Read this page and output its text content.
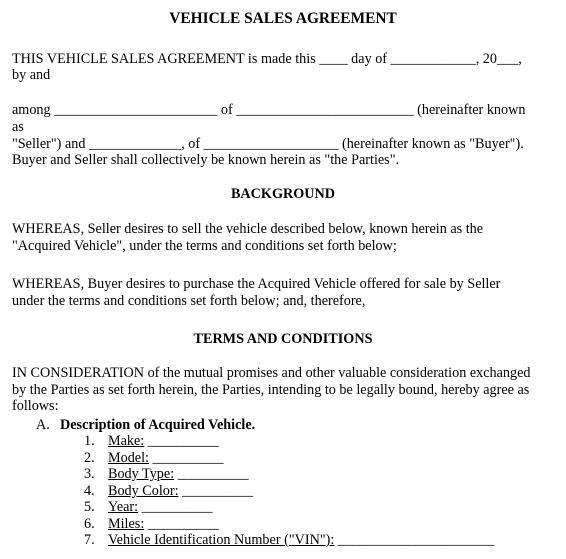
VEHICLE SALES AGREEMENT
THIS VEHICLE SALES AGREEMENT is made this ____ day of ____________, 20___,
by and
among _______________________ of _________________________ (hereinafter known
as
"Seller") and _____________, of ___________________ (hereinafter known as "Buyer").
Buyer and Seller shall collectively be known herein as "the Parties".
BACKGROUND
WHEREAS, Seller desires to sell the vehicle described below, known herein as the
"Acquired Vehicle", under the terms and conditions set forth below;
WHEREAS, Buyer desires to purchase the Acquired Vehicle offered for sale by Seller
under the terms and conditions set forth below; and, therefore,
TERMS AND CONDITIONS
IN CONSIDERATION of the mutual promises and other valuable consideration exchanged
by the Parties as set forth herein, the Parties, intending to be legally bound, hereby agree as
follows:
A. Description of Acquired Vehicle.
1. Make: __________
2. Model: __________
3. Body Type: __________
4. Body Color: __________
5. Year: __________
6. Miles: __________
7. Vehicle Identification Number ("VIN"): ______________________
